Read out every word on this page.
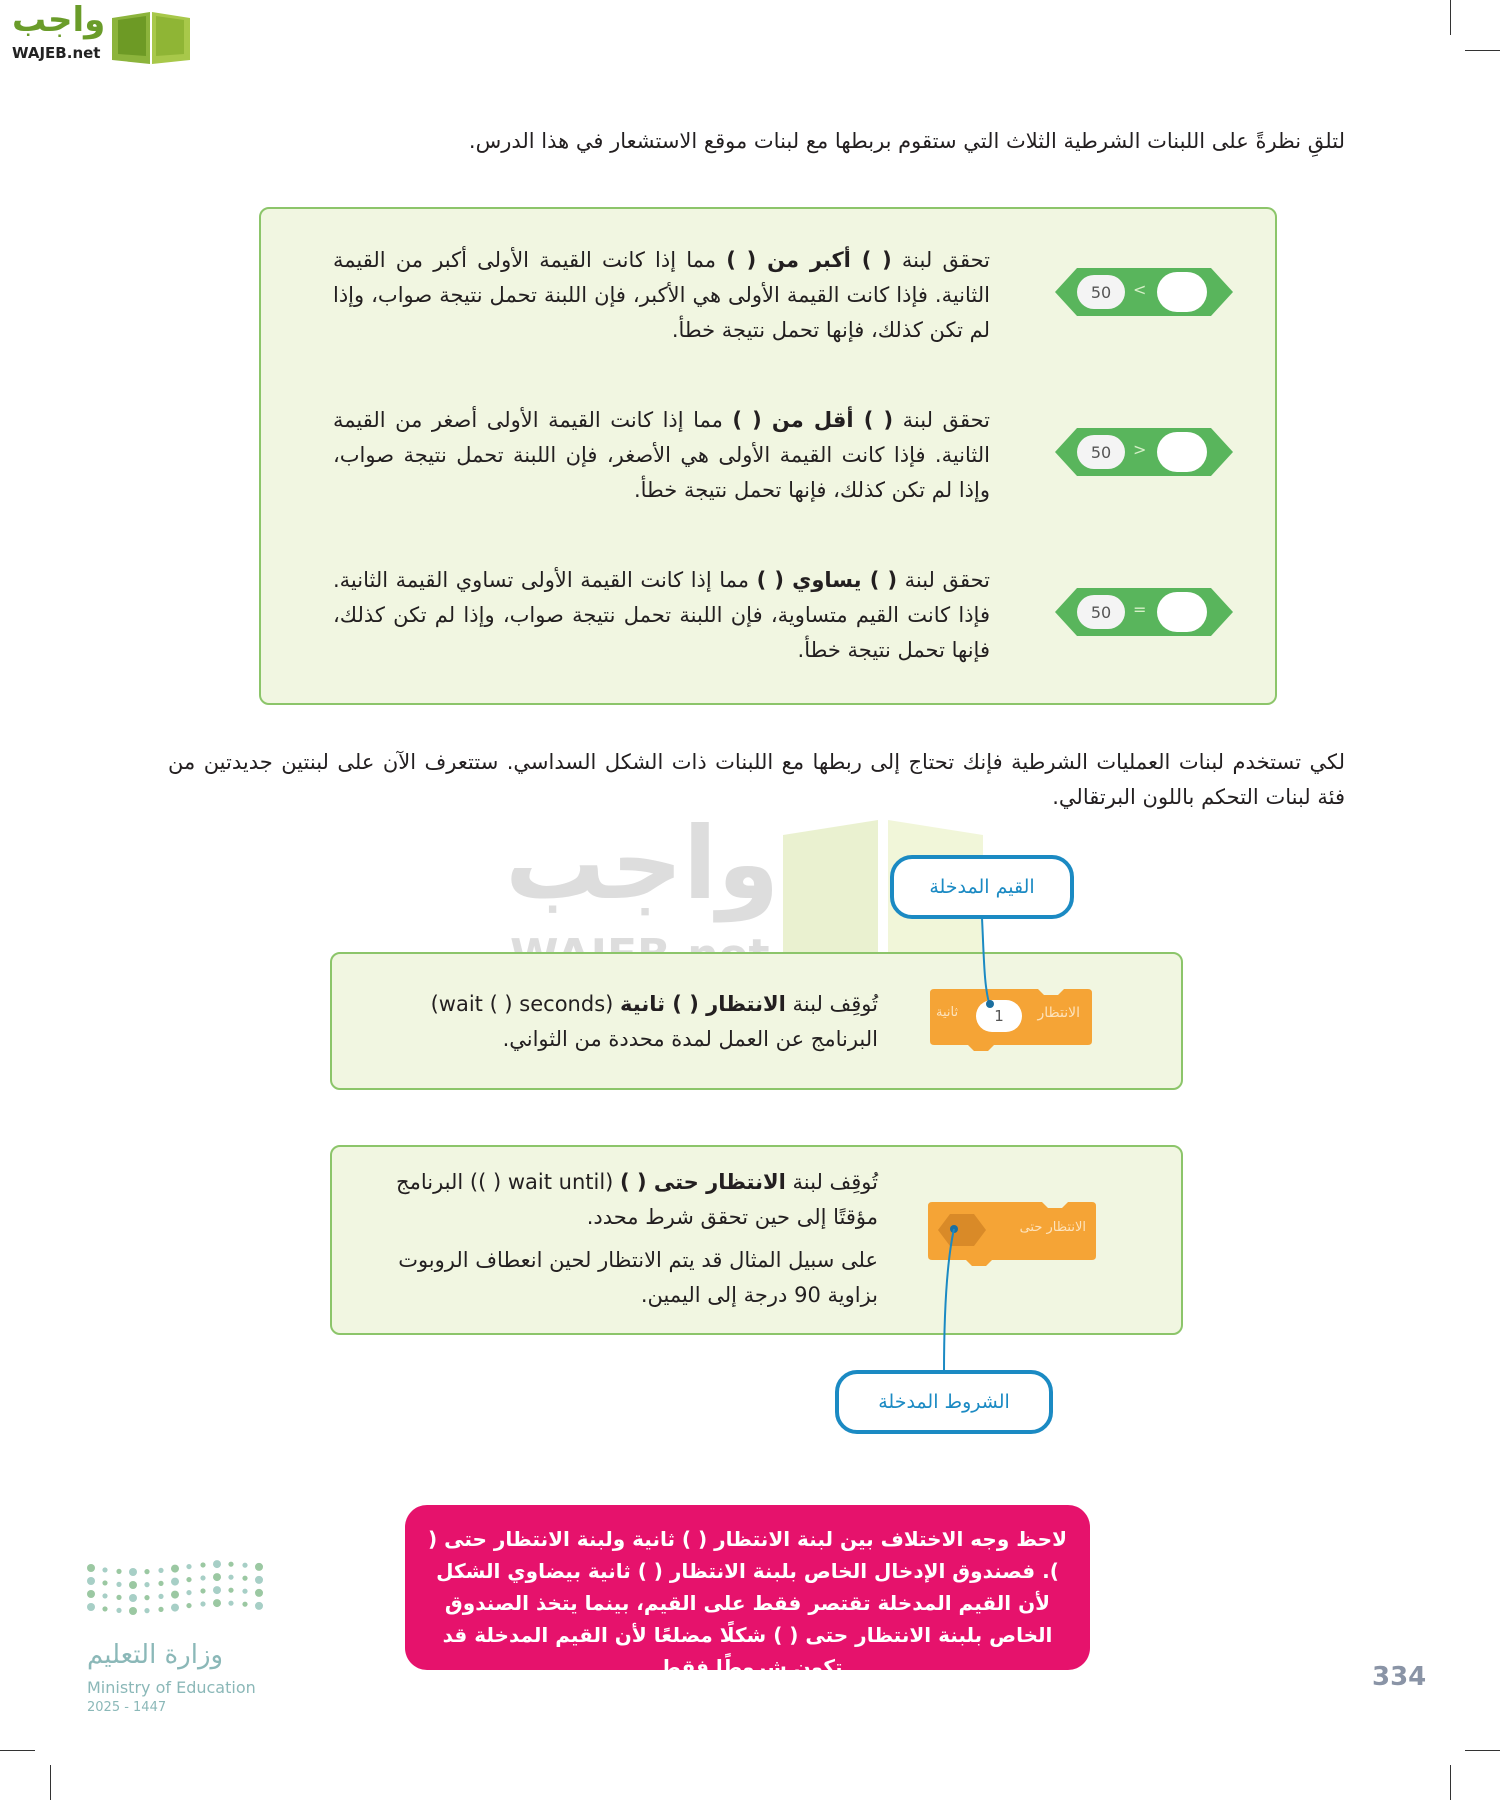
واجب
WAJEB.net

لتلقِ نظرةً على اللبنات الشرطية الثلاث التي ستقوم بربطها مع لبنات موقع الاستشعار في هذا الدرس.

تحقق لبنة ( ) أكبر من ( ) مما إذا كانت القيمة الأولى أكبر من القيمة الثانية. فإذا كانت القيمة الأولى هي الأكبر، فإن اللبنة تحمل نتيجة صواب، وإذا لم تكن كذلك، فإنها تحمل نتيجة خطأ.

50	<

تحقق لبنة ( ) أقل من ( ) مما إذا كانت القيمة الأولى أصغر من القيمة الثانية. فإذا كانت القيمة الأولى هي الأصغر، فإن اللبنة تحمل نتيجة صواب، وإذا لم تكن كذلك، فإنها تحمل نتيجة خطأ.

50	>

تحقق لبنة ( ) يساوي ( ) مما إذا كانت القيمة الأولى تساوي القيمة الثانية. فإذا كانت القيم متساوية، فإن اللبنة تحمل نتيجة صواب، وإذا لم تكن كذلك، فإنها تحمل نتيجة خطأ.

50	=

لكي تستخدم لبنات العمليات الشرطية فإنك تحتاج إلى ربطها مع اللبنات ذات الشكل السداسي. ستتعرف الآن على لبنتين جديدتين من فئة لبنات التحكم باللون البرتقالي.

واجب

تُوقِف لبنة الانتظار ( ) ثانية (wait ( ) seconds) البرنامج عن العمل لمدة محددة من الثواني.

الانتظار
1
ثانية
القيم المدخلة

تُوقِف لبنة الانتظار حتى ( ) (wait until ( )) البرنامج مؤقتًا إلى حين تحقق شرط محدد.

على سبيل المثال قد يتم الانتظار لحين انعطاف الروبوت بزاوية 90 درجة إلى اليمين.

الانتظار حتى
الشروط المدخلة
لاحظ وجه الاختلاف بين لبنة الانتظار ( ) ثانية ولبنة الانتظار حتى ( ). فصندوق الإدخال الخاص بلبنة الانتظار ( ) ثانية بيضاوي الشكل لأن القيم المدخلة تقتصر فقط على القيم، بينما يتخذ الصندوق الخاص بلبنة الانتظار حتى ( ) شكلًا مضلعًا لأن القيم المدخلة قد تكون شروطًا فقط.
وزارة التعليم
Ministry of Education
2025 - 1447
334
